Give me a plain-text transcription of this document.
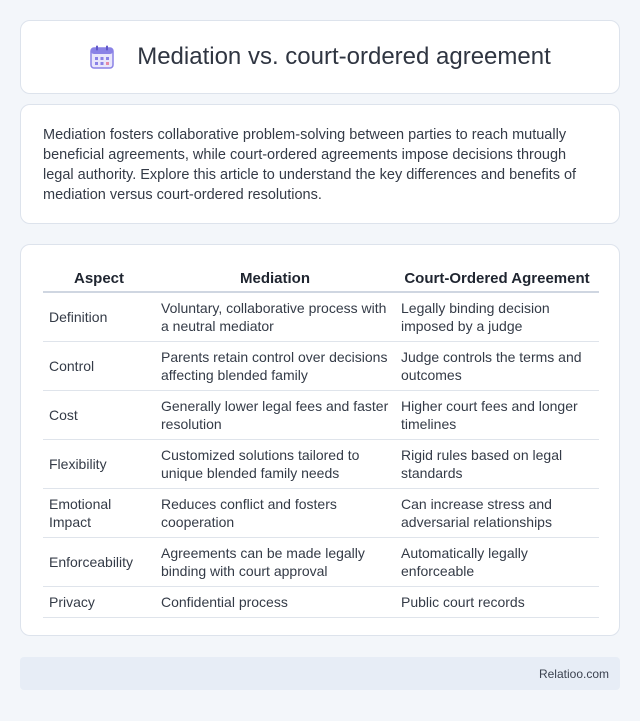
Mediation vs. court-ordered agreement

Mediation fosters collaborative problem-solving between parties to reach mutually beneficial agreements, while court-ordered agreements impose decisions through legal authority. Explore this article to understand the key differences and benefits of mediation versus court-ordered resolutions.

Aspect	Mediation	Court-Ordered Agreement
Definition	Voluntary, collaborative process with a neutral mediator	Legally binding decision imposed by a judge
Control	Parents retain control over decisions affecting blended family	Judge controls the terms and outcomes
Cost	Generally lower legal fees and faster resolution	Higher court fees and longer timelines
Flexibility	Customized solutions tailored to unique blended family needs	Rigid rules based on legal standards
Emotional Impact	Reduces conflict and fosters cooperation	Can increase stress and adversarial relationships
Enforceability	Agreements can be made legally binding with court approval	Automatically legally enforceable
Privacy	Confidential process	Public court records
Relatioo.com
